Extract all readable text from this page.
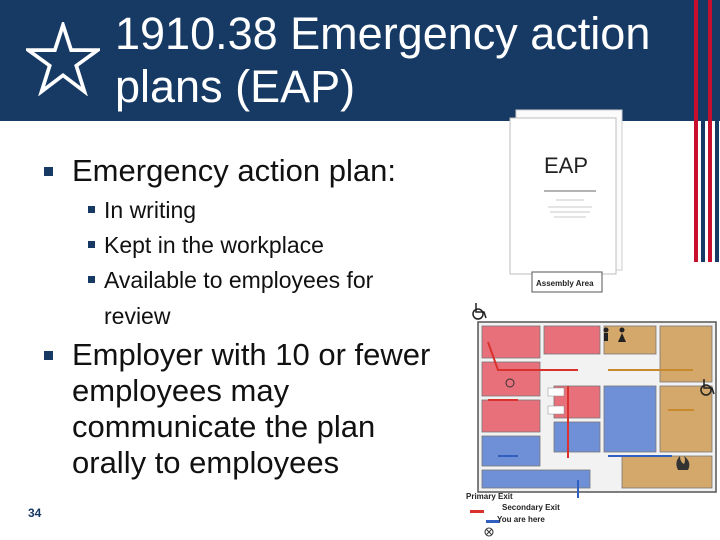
1910.38 Emergency action
plans (EAP)
Emergency action plan:
In writing
Kept in the workplace
Available to employees for
review
Employer with 10 or fewer
employees may
communicate the plan
orally to employees
34
EAP
Assembly Area
Primary Exit
Secondary Exit
You are here
